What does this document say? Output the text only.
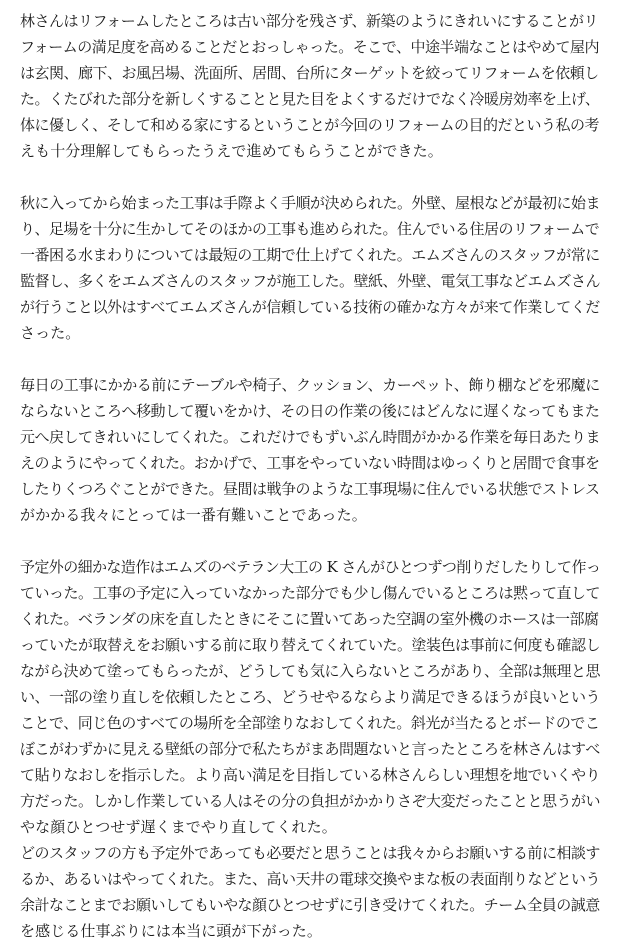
林さんはリフォームしたところは古い部分を残さず、新築のようにきれいにすることがリ
フォームの満足度を高めることだとおっしゃった。そこで、中途半端なことはやめて屋内
は玄関、廊下、お風呂場、洗面所、居間、台所にターゲットを絞ってリフォームを依頼し
た。くたびれた部分を新しくすることと見た目をよくするだけでなく冷暖房効率を上げ、
体に優しく、そして和める家にするということが今回のリフォームの目的だという私の考
えも十分理解してもらったうえで進めてもらうことができた。

秋に入ってから始まった工事は手際よく手順が決められた。外壁、屋根などが最初に始ま
り、足場を十分に生かしてそのほかの工事も進められた。住んでいる住居のリフォームで
一番困る水まわりについては最短の工期で仕上げてくれた。エムズさんのスタッフが常に
監督し、多くをエムズさんのスタッフが施工した。壁紙、外壁、電気工事などエムズさん
が行うこと以外はすべてエムズさんが信頼している技術の確かな方々が来て作業してくだ
さった。

毎日の工事にかかる前にテーブルや椅子、クッション、カーペット、飾り棚などを邪魔に
ならないところへ移動して覆いをかけ、その日の作業の後にはどんなに遅くなってもまた
元へ戻してきれいにしてくれた。これだけでもずいぶん時間がかかる作業を毎日あたりま
えのようにやってくれた。おかげで、工事をやっていない時間はゆっくりと居間で食事を
したりくつろぐことができた。昼間は戦争のような工事現場に住んでいる状態でストレス
がかかる我々にとっては一番有難いことであった。

予定外の細かな造作はエムズのベテラン大工の K さんがひとつずつ削りだしたりして作っ
ていった。工事の予定に入っていなかった部分でも少し傷んでいるところは黙って直して
くれた。ベランダの床を直したときにそこに置いてあった空調の室外機のホースは一部腐
っていたが取替えをお願いする前に取り替えてくれていた。塗装色は事前に何度も確認し
ながら決めて塗ってもらったが、どうしても気に入らないところがあり、全部は無理と思
い、一部の塗り直しを依頼したところ、どうせやるならより満足できるほうが良いという
ことで、同じ色のすべての場所を全部塗りなおしてくれた。斜光が当たるとボードのでこ
ぼこがわずかに見える壁紙の部分で私たちがまあ問題ないと言ったところを林さんはすべ
て貼りなおしを指示した。より高い満足を目指している林さんらしい理想を地でいくやり
方だった。しかし作業している人はその分の負担がかかりさぞ大変だったことと思うがい
やな顔ひとつせず遅くまでやり直してくれた。

どのスタッフの方も予定外であっても必要だと思うことは我々からお願いする前に相談す
るか、あるいはやってくれた。また、高い天井の電球交換やまな板の表面削りなどという
余計なことまでお願いしてもいやな顔ひとつせずに引き受けてくれた。チーム全員の誠意
を感じる仕事ぶりには本当に頭が下がった。
